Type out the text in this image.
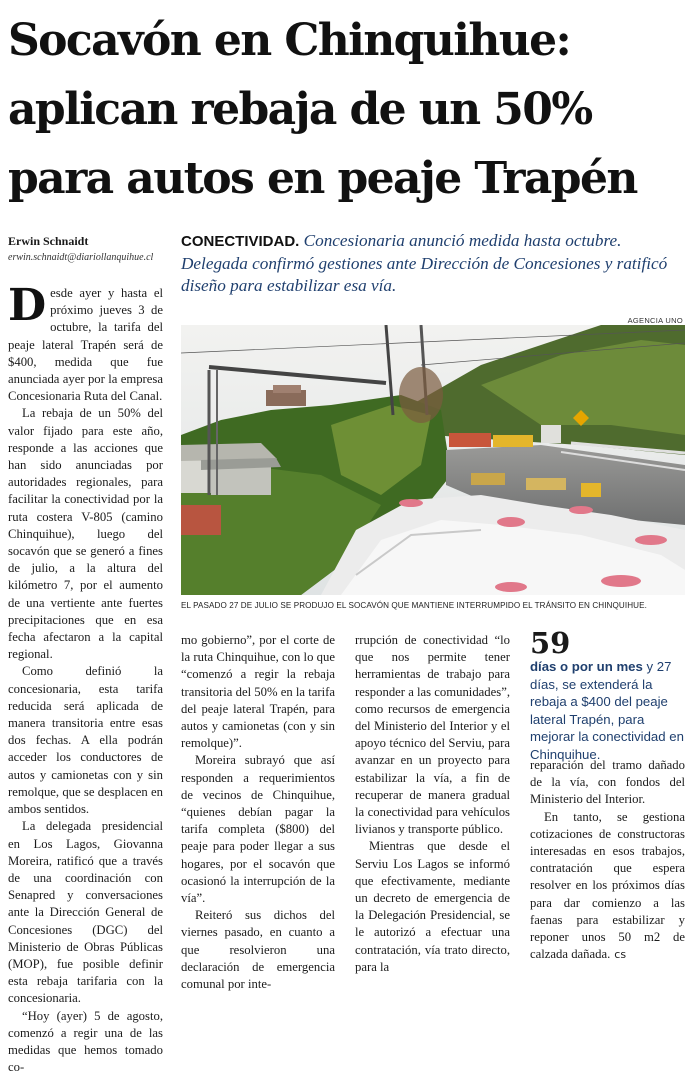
Socavón en Chinquihue:
aplican rebaja de un 50%
para autos en peaje Trapén
Erwin Schnaidt
erwin.schnaidt@diariollanquihue.cl
CONECTIVIDAD. Concesionaria anunció medida hasta octubre. Delegada confirmó gestiones ante Dirección de Concesiones y ratificó diseño para estabilizar esa vía.
AGENCIA UNO
EL PASADO 27 DE JULIO SE PRODUJO EL SOCAVÓN QUE MANTIENE INTERRUMPIDO EL TRÁNSITO EN CHINQUIHUE.
D esde ayer y hasta el próximo jueves 3 de octubre, la tarifa del peaje lateral Trapén será de $400, medida que fue anunciada ayer por la empresa Concesionaria Ruta del Canal.

La rebaja de un 50% del valor fijado para este año, responde a las acciones que han sido anunciadas por autoridades regionales, para facilitar la conectividad por la ruta costera V-805 (camino Chinquihue), luego del socavón que se generó a fines de julio, a la altura del kilómetro 7, por el aumento de una vertiente ante fuertes precipitaciones que en esa fecha afectaron a la capital regional.

Como definió la concesionaria, esta tarifa reducida será aplicada de manera transitoria entre esas dos fechas. A ella podrán acceder los conductores de autos y camionetas con y sin remolque, que se desplacen en ambos sentidos.

La delegada presidencial en Los Lagos, Giovanna Moreira, ratificó que a través de una coordinación con Senapred y conversaciones ante la Dirección General de Concesiones (DGC) del Ministerio de Obras Públicas (MOP), fue posible definir esta rebaja tarifaria con la concesionaria.

“Hoy (ayer) 5 de agosto, comenzó a regir una de las medidas que hemos tomado co-

mo gobierno”, por el corte de la ruta Chinquihue, con lo que “comenzó a regir la rebaja transitoria del 50% en la tarifa del peaje lateral Trapén, para autos y camionetas (con y sin remolque)”.

Moreira subrayó que así responden a requerimientos de vecinos de Chinquihue, “quienes debían pagar la tarifa completa ($800) del peaje para poder llegar a sus hogares, por el socavón que ocasionó la interrupción de la vía”.

Reiteró sus dichos del viernes pasado, en cuanto a que resolvieron una declaración de emergencia comunal por inte-

rrupción de conectividad “lo que nos permite tener herramientas de trabajo para responder a las comunidades”, como recursos de emergencia del Ministerio del Interior y el apoyo técnico del Serviu, para avanzar en un proyecto para estabilizar la vía, a fin de recuperar de manera gradual la conectividad para vehículos livianos y transporte público.

Mientras que desde el Serviu Los Lagos se informó que efectivamente, mediante un decreto de emergencia de la Delegación Presidencial, se le autorizó a efectuar una contratación, vía trato directo, para la

59
días o por un mes y 27 días, se extenderá la rebaja a $400 del peaje lateral Trapén, para mejorar la conectividad en Chinquihue.

reparación del tramo dañado de la vía, con fondos del Ministerio del Interior.

En tanto, se gestiona cotizaciones de constructoras interesadas en esos trabajos, contratación que espera resolver en los próximos días para dar comienzo a las faenas para estabilizar y reponer unos 50 m2 de calzada dañada. cs
